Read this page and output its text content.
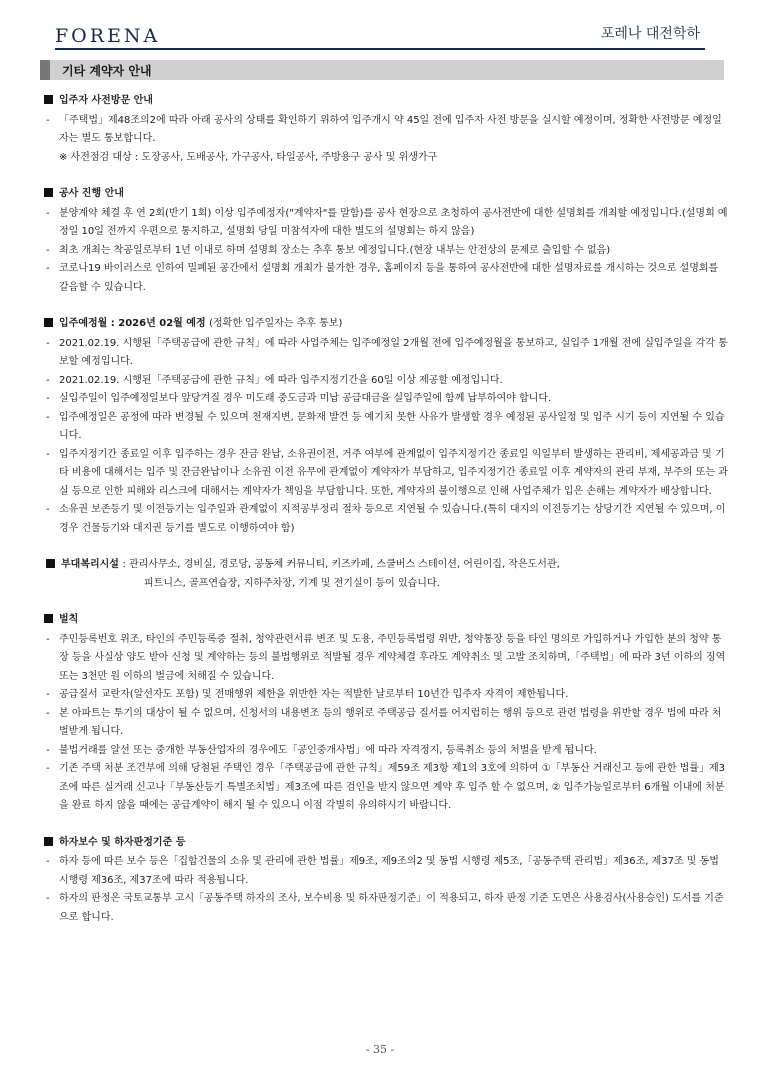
FORENA	포레나 대전학하
기타 계약자 안내
입주자 사전방문 안내
- 「주택법」제48조의2에 따라 아래 공사의 상태를 확인하기 위하여 입주개시 약 45일 전에 입주자 사전 방문을 실시할 예정이며, 정확한 사전방문 예정일자는 별도 통보합니다.
※ 사전점검 대상 : 도장공사, 도배공사, 가구공사, 타일공사, 주방용구 공사 및 위생가구
공사 진행 안내
- 분양계약 체결 후 연 2회(반기 1회) 이상 입주예정자("계약자"를 말함)를 공사 현장으로 초청하여 공사전반에 대한 설명회를 개최할 예정입니다.(설명회 예정일 10일 전까지 우편으로 통지하고, 설명회 당일 미참석자에 대한 별도의 설명회는 하지 않음)
- 최초 개최는 착공일로부터 1년 이내로 하며 설명회 장소는 추후 통보 예정입니다.(현장 내부는 안전상의 문제로 출입할 수 없음)
- 코로나19 바이러스로 인하여 밀폐된 공간에서 설명회 개최가 불가한 경우, 홈페이지 등을 통하여 공사전반에 대한 설명자료를 개시하는 것으로 설명회를 갈음할 수 있습니다.
입주예정월 : 2026년 02월 예정 (정확한 입주일자는 추후 통보)
- 2021.02.19. 시행된「주택공급에 관한 규칙」에 따라 사업주체는 입주예정일 2개월 전에 입주예정월을 통보하고, 실입주 1개월 전에 실입주일을 각각 통보할 예정입니다.
- 2021.02.19. 시행된「주택공급에 관한 규칙」에 따라 입주지정기간을 60일 이상 제공할 예정입니다.
- 실입주일이 입주예정일보다 앞당겨질 경우 미도래 중도금과 미납 공급대금을 실입주일에 함께 납부하여야 합니다.
- 입주예정일은 공정에 따라 변경될 수 있으며 천재지변, 문화재 발견 등 예기치 못한 사유가 발생할 경우 예정된 공사일정 및 입주 시기 등이 지연될 수 있습니다.
- 입주지정기간 종료일 이후 입주하는 경우 잔금 완납, 소유권이전, 거주 여부에 관계없이 입주지정기간 종료일 익일부터 발생하는 관리비, 제세공과금 및 기타 비용에 대해서는 입주 및 잔금완납이나 소유권 이전 유무에 관계없이 계약자가 부담하고, 입주지정기간 종료일 이후 계약자의 관리 부재, 부주의 또는 과실 등으로 인한 피해와 리스크에 대해서는 계약자가 책임을 부담합니다. 또한, 계약자의 불이행으로 인해 사업주체가 입은 손해는 계약자가 배상합니다.
- 소유권 보존등기 및 이전등기는 입주일과 관계없이 지적공부정리 절차 등으로 지연될 수 있습니다.(특히 대지의 이전등기는 상당기간 지연될 수 있으며, 이 경우 건물등기와 대지권 등기를 별도로 이행하여야 함)
부대복리시설 : 관리사무소, 경비실, 경로당, 공동체 커뮤니티, 키즈카페, 스쿨버스 스테이션, 어린이집, 작은도서관,
피트니스, 골프연습장, 지하주차장, 기계 및 전기실이 등이 있습니다.
벌칙
- 주민등록번호 위조, 타인의 주민등록증 절취, 청약관련서류 변조 및 도용, 주민등록법령 위반, 청약통장 등을 타인 명의로 가입하거나 가입한 분의 청약 통장 등을 사실상 양도 받아 신청 및 계약하는 등의 불법행위로 적발될 경우 계약체결 후라도 계약취소 및 고발 조치하며,「주택법」에 따라 3년 이하의 징역 또는 3천만 원 이하의 벌금에 처해질 수 있습니다.
- 공급질서 교란자(알선자도 포함) 및 전매행위 제한을 위반한 자는 적발한 날로부터 10년간 입주자 자격이 제한됩니다.
- 본 아파트는 투기의 대상이 될 수 없으며, 신청서의 내용변조 등의 행위로 주택공급 질서를 어지럽히는 행위 등으로 관련 법령을 위반할 경우 법에 따라 처벌받게 됩니다.
- 불법거래를 알선 또는 중개한 부동산업자의 경우에도「공인중개사법」에 따라 자격정지, 등록취소 등의 처벌을 받게 됩니다.
- 기존 주택 처분 조건부에 의해 당첨된 주택인 경우「주택공급에 관한 규칙」제59조 제3항 제1의 3호에 의하여 ①「부동산 거래신고 등에 관한 법률」제3조에 따른 실거래 신고나「부동산등기 특별조치법」제3조에 따른 검인을 받지 않으면 계약 후 입주 할 수 없으며, ② 입주가능일로부터 6개월 이내에 처분을 완료 하지 않을 때에는 공급계약이 해지 될 수 있으니 이점 각별히 유의하시기 바랍니다.
하자보수 및 하자판정기준 등
- 하자 등에 따른 보수 등은「집합건물의 소유 및 관리에 관한 법률」제9조, 제9조의2 및 동법 시행령 제5조,「공동주택 관리법」제36조, 제37조 및 동법 시행령 제36조, 제37조에 따라 적용됩니다.
- 하자의 판정은 국토교통부 고시「공동주택 하자의 조사, 보수비용 및 하자판정기준」이 적용되고, 하자 판정 기준 도면은 사용검사(사용승인) 도서를 기준으로 합니다.
- 35 -
